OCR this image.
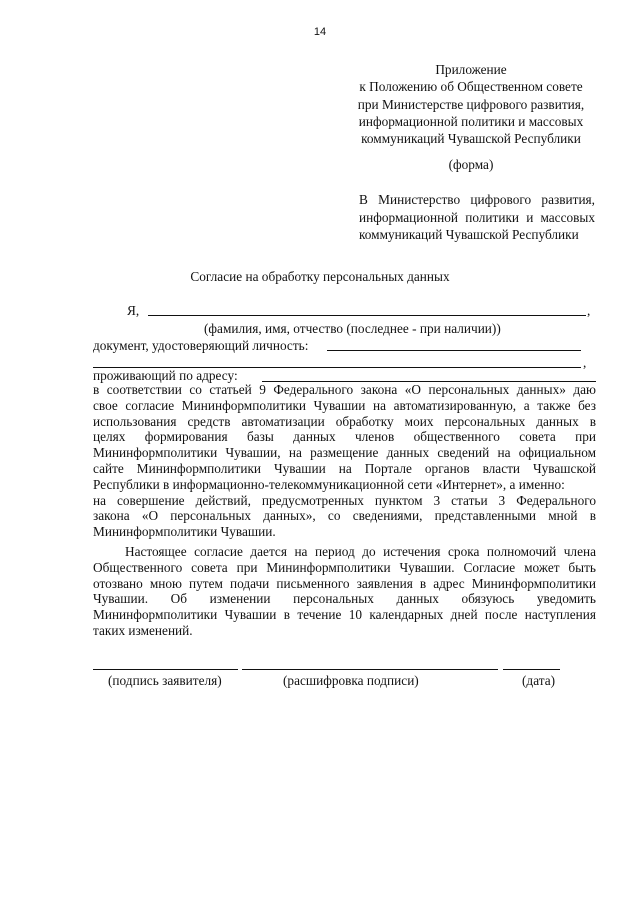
14
Приложение
к Положению об Общественном совете
при Министерстве цифрового развития,
информационной политики и массовых
коммуникаций Чувашской Республики
(форма)
В Министерство цифрового развития, информационной политики и массовых коммуникаций Чувашской Республики
Согласие на обработку персональных данных
Я,	,
(фамилия, имя, отчество (последнее - при наличии))
документ, удостоверяющий личность:
,
проживающий по адресу:
в соответствии со статьей 9 Федерального закона «О персональных данных» даю
свое согласие Мининформполитики Чувашии на автоматизированную, а также без
использования средств автоматизации обработку моих персональных данных в
целях формирования базы данных членов общественного совета при
Мининформполитики Чувашии, на размещение данных сведений на официальном
сайте Мининформполитики Чувашии на Портале органов власти Чувашской
Республики в информационно-телекоммуникационной сети «Интернет», а именно:
на совершение действий, предусмотренных пунктом 3 статьи 3 Федерального
закона «О персональных данных», со сведениями, представленными мной в
Мининформполитики Чувашии.
Настоящее согласие дается на период до истечения срока полномочий члена
Общественного совета при Мининформполитики Чувашии. Согласие может быть
отозвано мною путем подачи письменного заявления в адрес Мининформполитики
Чувашии. Об изменении персональных данных обязуюсь уведомить
Мининформполитики Чувашии в течение 10 календарных дней после наступления
таких изменений.
(подпись заявителя)	(расшифровка подписи)	(дата)
